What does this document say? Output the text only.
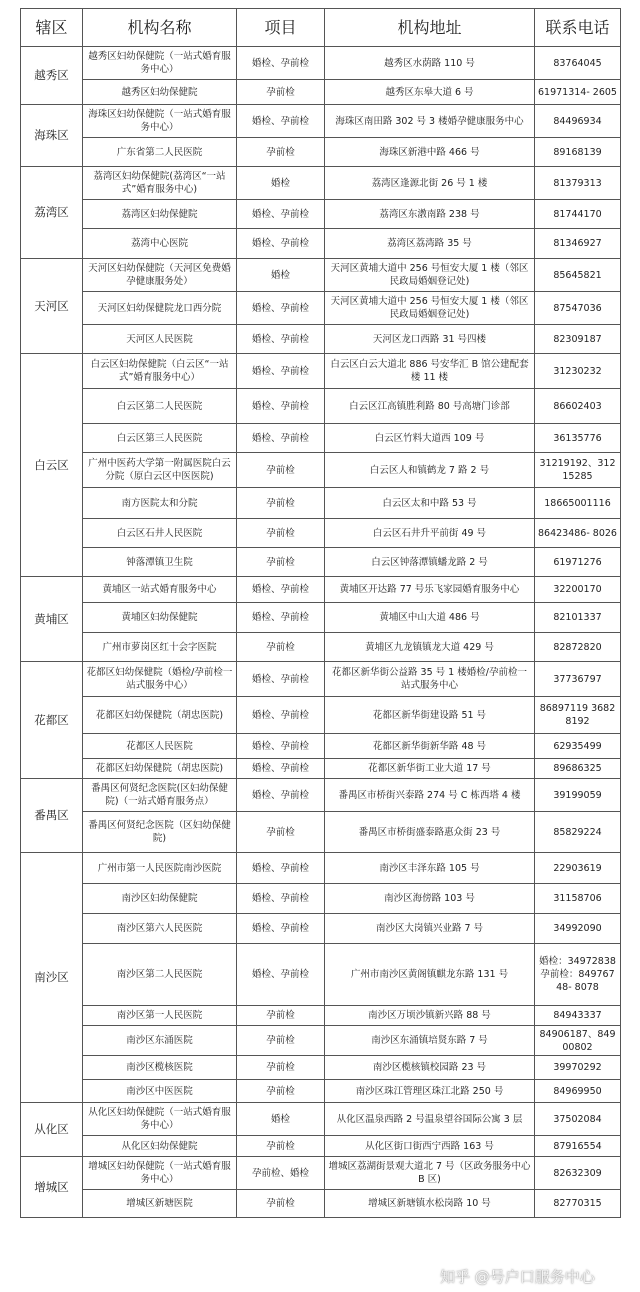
辖区	机构名称	项目	机构地址	联系电话
越秀区	越秀区妇幼保健院（一站式婚育服务中心）	婚检、孕前检	越秀区水荫路 110 号	83764045
	越秀区妇幼保健院	孕前检	越秀区东皋大道 6 号	61971314- 2605
海珠区	海珠区妇幼保健院（一站式婚育服务中心）	婚检、孕前检	海珠区南田路 302 号 3 楼婚孕健康服务中心	84496934
	广东省第二人民医院	孕前检	海珠区新港中路 466 号	89168139
荔湾区	荔湾区妇幼保健院(荔湾区“一站式”婚育服务中心)	婚检	荔湾区逢源北街 26 号 1 楼	81379313
	荔湾区妇幼保健院	婚检、孕前检	荔湾区东漖南路 238 号	81744170
	荔湾中心医院	婚检、孕前检	荔湾区荔湾路 35 号	81346927
天河区	天河区妇幼保健院（天河区免费婚孕健康服务处）	婚检	天河区黄埔大道中 256 号恒安大厦 1 楼（邻区民政局婚姻登记处)	85645821
	天河区妇幼保健院龙口西分院	婚检、孕前检	天河区黄埔大道中 256 号恒安大厦 1 楼（邻区民政局婚姻登记处)	87547036
	天河区人民医院	婚检、孕前检	天河区龙口西路 31 号四楼	82309187
白云区	白云区妇幼保健院（白云区“一站式”婚育服务中心）	婚检、孕前检	白云区白云大道北 886 号安华汇 B 馆公建配套楼 11 楼	31230232
	白云区第二人民医院	婚检、孕前检	白云区江高镇胜利路 80 号高塘门诊部	86602403
	白云区第三人民医院	婚检、孕前检	白云区竹料大道西 109 号	36135776
	广州中医药大学第一附属医院白云分院（原白云区中医医院)	孕前检	白云区人和镇鹤龙 7 路 2 号	31219192、31215285
	南方医院太和分院	孕前检	白云区太和中路 53 号	18665001116
	白云区石井人民医院	孕前检	白云区石井升平前街 49 号	86423486- 8026
	钟落潭镇卫生院	孕前检	白云区钟落潭镇蟠龙路 2 号	61971276
黄埔区	黄埔区一站式婚育服务中心	婚检、孕前检	黄埔区开达路 77 号乐飞家园婚育服务中心	32200170
	黄埔区妇幼保健院	婚检、孕前检	黄埔区中山大道 486 号	82101337
	广州市萝岗区红十会字医院	孕前检	黄埔区九龙镇镇龙大道 429 号	82872820
花都区	花都区妇幼保健院（婚检/孕前检一站式服务中心）	婚检、孕前检	花都区新华街公益路 35 号 1 楼婚检/孕前检一站式服务中心	37736797
	花都区妇幼保健院（胡忠医院)	婚检、孕前检	花都区新华街建设路 51 号	86897119 36828192
	花都区人民医院	婚检、孕前检	花都区新华街新华路 48 号	62935499
	花都区妇幼保健院（胡忠医院)	婚检、孕前检	花都区新华街工业大道 17 号	89686325
番禺区	番禺区何贤纪念医院(区妇幼保健院)（一站式婚育服务点）	婚检、孕前检	番禺区市桥街兴泰路 274 号 C 栋西塔 4 楼	39199059
	番禺区何贤纪念医院（区妇幼保健院)	孕前检	番禺区市桥街盛泰路惠众街 23 号	85829224
南沙区	广州市第一人民医院南沙医院	婚检、孕前检	南沙区丰泽东路 105 号	22903619
	南沙区妇幼保健院	婚检、孕前检	南沙区海傍路 103 号	31158706
	南沙区第六人民医院	婚检、孕前检	南沙区大岗镇兴业路 7 号	34992090
	南沙区第二人民医院	婚检、孕前检	广州市南沙区黄阁镇麒龙东路 131 号	婚检：34972838 孕前检：84976748- 8078
	南沙区第一人民医院	孕前检	南沙区万顷沙镇新兴路 88 号	84943337
	南沙区东涌医院	孕前检	南沙区东涌镇培贤东路 7 号	84906187、84900802
	南沙区榄核医院	孕前检	南沙区榄核镇校园路 23 号	39970292
	南沙区中医医院	孕前检	南沙区珠江管理区珠江北路 250 号	84969950
从化区	从化区妇幼保健院（一站式婚育服务中心）	婚检	从化区温泉西路 2 号温泉望谷国际公寓 3 层	37502084
	从化区妇幼保健院	孕前检	从化区街口街西宁西路 163 号	87916554
增城区	增城区妇幼保健院（一站式婚育服务中心）	孕前检、婚检	增城区荔湖街景观大道北 7 号（区政务服务中心 B 区)	82632309
	增城区新塘医院	孕前检	增城区新塘镇水松岗路 10 号	82770315
知乎 @号户口服务中心
